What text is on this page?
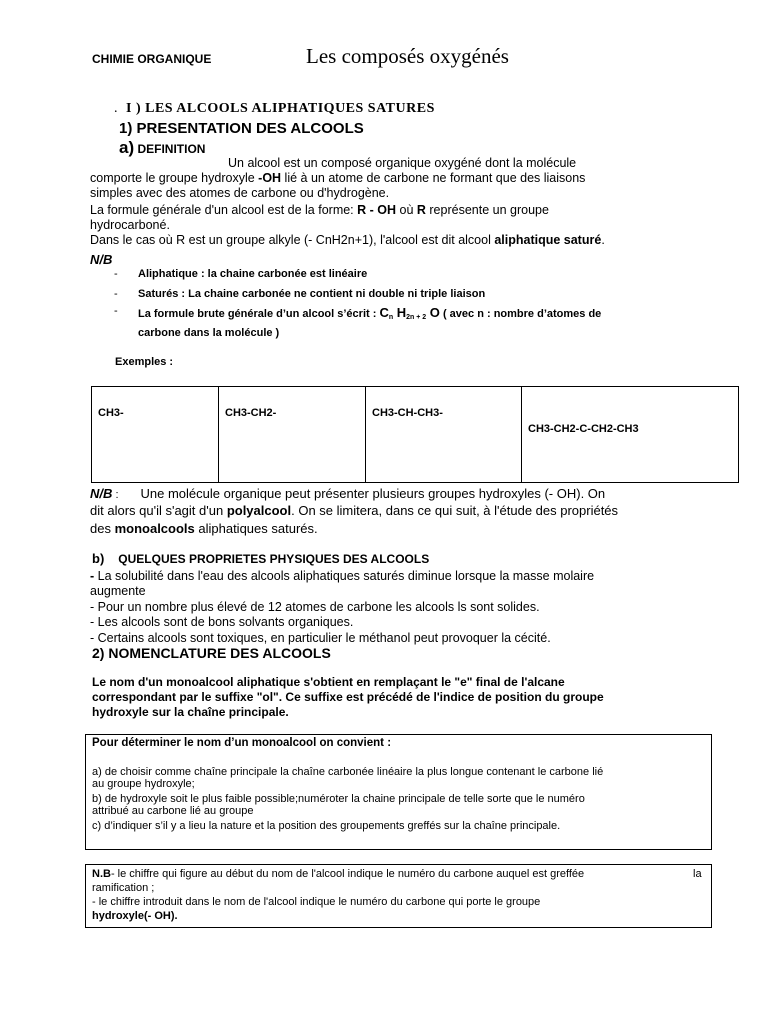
CHIMIE ORGANIQUE	Les composés oxygénés
. I ) LES ALCOOLS ALIPHATIQUES SATURES
1) PRESENTATION DES ALCOOLS
a) DEFINITION
Un alcool est un composé organique oxygéné dont la molécule
comporte le groupe hydroxyle -OH lié à un atome de carbone ne formant que des liaisons
simples avec des atomes de carbone ou d'hydrogène.
La formule générale d'un alcool est de la forme: R - OH où R représente un groupe
hydrocarboné.
Dans le cas où R est un groupe alkyle (- CnH2n+1), l'alcool est dit alcool aliphatique saturé.
N/B
- Aliphatique : la chaine carbonée est linéaire
- Saturés : La chaine carbonée ne contient ni double ni triple liaison
- La formule brute générale d’un alcool s’écrit : $C_n$ $H_{2n + 2}$ O ( avec n : nombre d’atomes de
carbone dans la molécule )
Exemples :
CH3-	CH3-CH2-	CH3-CH-CH3-	CH3-CH2-C-CH2-CH3
N/B : Une molécule organique peut présenter plusieurs groupes hydroxyles (- OH). On
dit alors qu'il s'agit d'un polyalcool. On se limitera, dans ce qui suit, à l'étude des propriétés
des monoalcools aliphatiques saturés.
b) QUELQUES PROPRIETES PHYSIQUES DES ALCOOLS
- La solubilité dans l'eau des alcools aliphatiques saturés diminue lorsque la masse molaire
augmente
- Pour un nombre plus élevé de 12 atomes de carbone les alcools ls sont solides.
- Les alcools sont de bons solvants organiques.
- Certains alcools sont toxiques, en particulier le méthanol peut provoquer la cécité.
2) NOMENCLATURE DES ALCOOLS
Le nom d'un monoalcool aliphatique s'obtient en remplaçant le "e" final de l'alcane
correspondant par le suffixe "ol". Ce suffixe est précédé de l'indice de position du groupe
hydroxyle sur la chaîne principale.
Pour déterminer le nom d’un monoalcool on convient :
a) de choisir comme chaîne principale la chaîne carbonée linéaire la plus longue contenant le carbone lié
au groupe hydroxyle;
b) de hydroxyle soit le plus faible possible;numéroter la chaine principale de telle sorte que le numéro
attribué au carbone lié au groupe
c) d’indiquer s’il y a lieu la nature et la position des groupements greffés sur la chaîne principale.
N.B- le chiffre qui figure au début du nom de l'alcool indique le numéro du carbone auquel est greffée	la
ramification ;
- le chiffre introduit dans le nom de l'alcool indique le numéro du carbone qui porte le groupe
hydroxyle(- OH).
